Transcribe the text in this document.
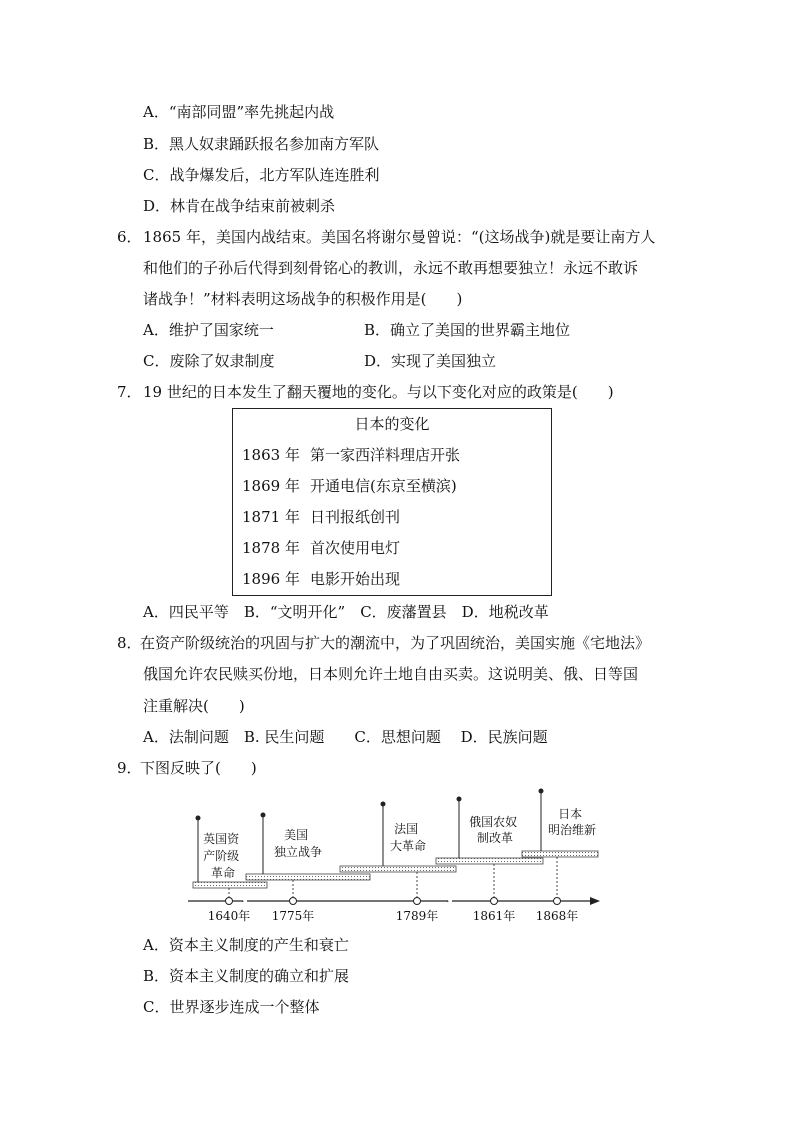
A．“南部同盟”率先挑起内战
B．黑人奴隶踊跃报名参加南方军队
C．战争爆发后，北方军队连连胜利
D．林肯在战争结束前被刺杀
6． 1865 年，美国内战结束。美国名将谢尔曼曾说：“(这场战争)就是要让南方人
和他们的子孙后代得到刻骨铭心的教训，永远不敢再想要独立！永远不敢诉
诸战争！”材料表明这场战争的积极作用是(　　)
A．维护了国家统一	B．确立了美国的世界霸主地位
C．废除了奴隶制度	D．实现了美国独立
7． 19 世纪的日本发生了翻天覆地的变化。与以下变化对应的政策是(　　)
日本的变化
1863 年 第一家西洋料理店开张
1869 年 开通电信(东京至横滨)
1871 年 日刊报纸创刊
1878 年 首次使用电灯
1896 年 电影开始出现
A．四民平等　B．“文明开化”　C．废藩置县　D．地税改革
8．
在资产阶级统治的巩固与扩大的潮流中，为了巩固统治，美国实施《宅地法》
俄国允许农民赎买份地，日本则允许土地自由买卖。这说明美、俄、日等国
注重解决(　　)
A．法制问题　B. 民生问题　　C．思想问题　 D．民族问题
9．
下图反映了(　　)
·	·
英国资 产阶级 革命
美国 独立战争
法国 大革命
俄国农奴 制改革
日本 明治维新
1640年 1775年	1789年	1861年 1868年
A．资本主义制度的产生和衰亡
B．资本主义制度的确立和扩展
C．世界逐步连成一个整体
